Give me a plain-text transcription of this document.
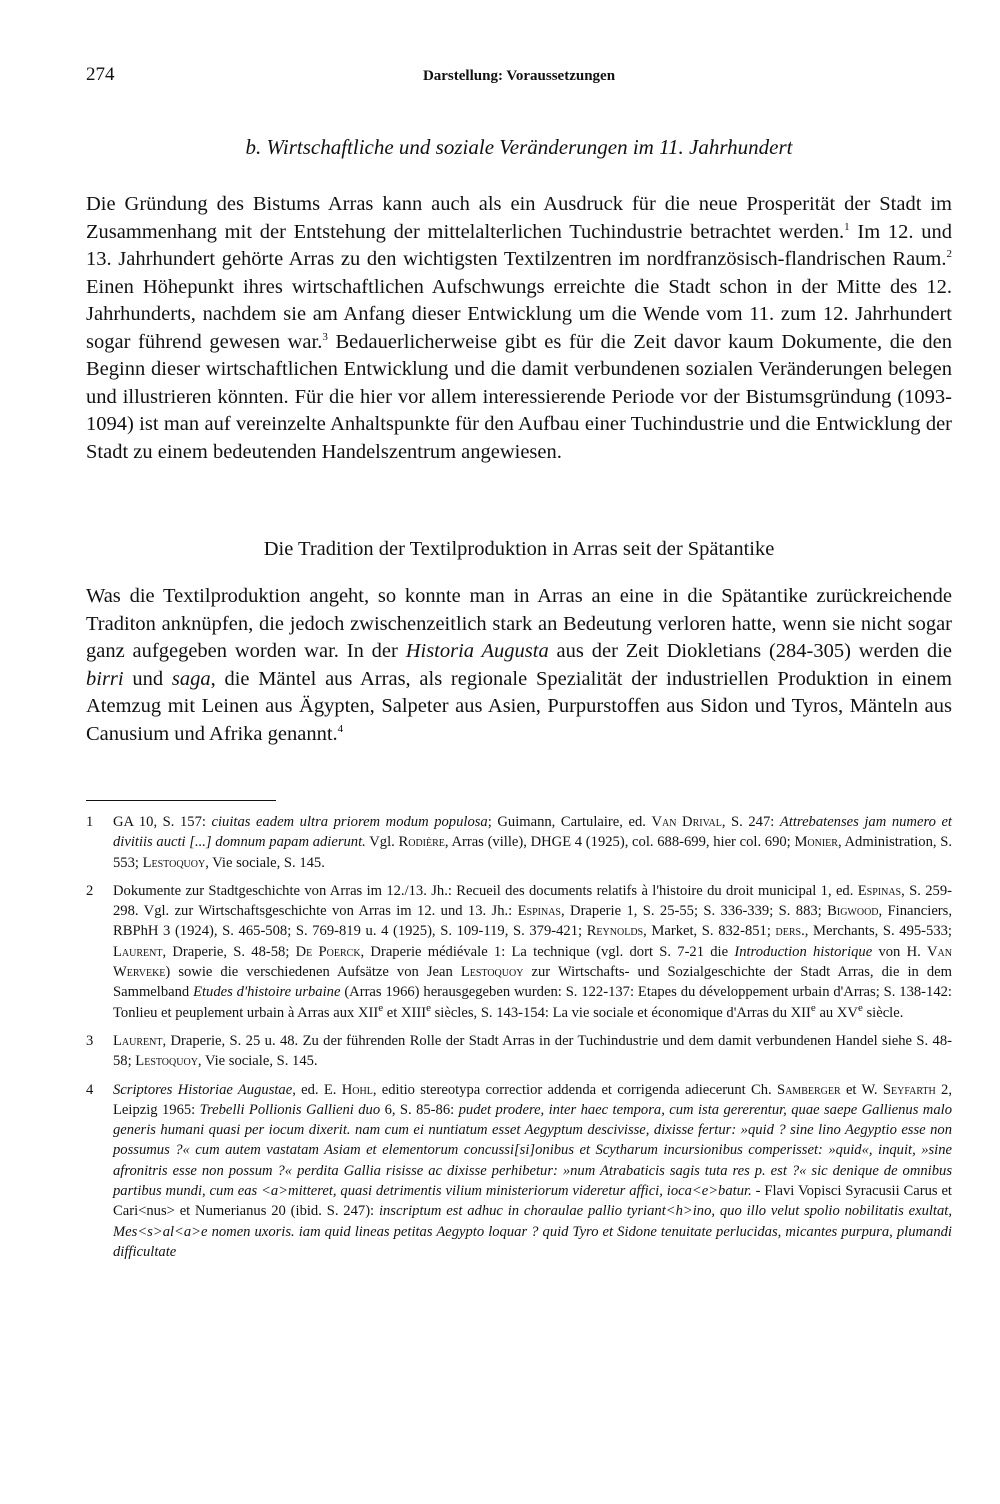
274	Darstellung: Voraussetzungen
b. Wirtschaftliche und soziale Veränderungen im 11. Jahrhundert

Die Gründung des Bistums Arras kann auch als ein Ausdruck für die neue Prosperität der Stadt im Zusammenhang mit der Entstehung der mittelalterlichen Tuchindustrie betrachtet werden.$^1$ Im 12. und 13. Jahrhundert gehörte Arras zu den wichtigsten Textilzentren im nordfranzösisch-flandrischen Raum.$^2$ Einen Höhepunkt ihres wirtschaftlichen Aufschwungs erreichte die Stadt schon in der Mitte des 12. Jahrhunderts, nachdem sie am Anfang dieser Entwicklung um die Wende vom 11. zum 12. Jahrhundert sogar führend gewesen war.$^3$ Bedauerlicherweise gibt es für die Zeit davor kaum Dokumente, die den Beginn dieser wirtschaftlichen Entwicklung und die damit verbundenen sozialen Veränderungen belegen und illustrieren könnten. Für die hier vor allem interessierende Periode vor der Bistumsgründung (1093-1094) ist man auf vereinzelte Anhaltspunkte für den Aufbau einer Tuchindustrie und die Entwicklung der Stadt zu einem bedeutenden Handelszentrum angewiesen.

Die Tradition der Textilproduktion in Arras seit der Spätantike

Was die Textilproduktion angeht, so konnte man in Arras an eine in die Spätantike zurückreichende Traditon anknüpfen, die jedoch zwischenzeitlich stark an Bedeutung verloren hatte, wenn sie nicht sogar ganz aufgegeben worden war. In der Historia Augusta aus der Zeit Diokletians (284-305) werden die birri und saga, die Mäntel aus Arras, als regionale Spezialität der industriellen Produktion in einem Atemzug mit Leinen aus Ägypten, Salpeter aus Asien, Purpurstoffen aus Sidon und Tyros, Mänteln aus Canusium und Afrika genannt.$^4$

1	GA 10, S. 157: ciuitas eadem ultra priorem modum populosa; Guimann, Cartulaire, ed. Van Drival, S. 247: Attrebatenses jam numero et divitiis aucti [...] domnum papam adierunt. Vgl. Rodière, Arras (ville), DHGE 4 (1925), col. 688-699, hier col. 690; Monier, Administration, S. 553; Lestoquoy, Vie sociale, S. 145.
2	Dokumente zur Stadtgeschichte von Arras im 12./13. Jh.: Recueil des documents relatifs à l'histoire du droit municipal 1, ed. Espinas, S. 259-298. Vgl. zur Wirtschaftsgeschichte von Arras im 12. und 13. Jh.: Espinas, Draperie 1, S. 25-55; S. 336-339; S. 883; Bigwood, Financiers, RBPhH 3 (1924), S. 465-508; S. 769-819 u. 4 (1925), S. 109-119, S. 379-421; Reynolds, Market, S. 832-851; ders., Merchants, S. 495-533; Laurent, Draperie, S. 48-58; De Poerck, Draperie médiévale 1: La technique (vgl. dort S. 7-21 die Introduction historique von H. Van Werveke) sowie die verschiedenen Aufsätze von Jean Lestoquoy zur Wirtschafts- und Sozialgeschichte der Stadt Arras, die in dem Sammelband Etudes d'histoire urbaine (Arras 1966) herausgegeben wurden: S. 122-137: Etapes du développement urbain d'Arras; S. 138-142: Tonlieu et peuplement urbain à Arras aux XIIe et XIIIe siècles, S. 143-154: La vie sociale et économique d'Arras du XIIe au XVe siècle.
3	Laurent, Draperie, S. 25 u. 48. Zu der führenden Rolle der Stadt Arras in der Tuchindustrie und dem damit verbundenen Handel siehe S. 48-58; Lestoquoy, Vie sociale, S. 145.
4	Scriptores Historiae Augustae, ed. E. Hohl, editio stereotypa correctior addenda et corrigenda adiecerunt Ch. Samberger et W. Seyfarth 2, Leipzig 1965: Trebelli Pollionis Gallieni duo 6, S. 85-86: pudet prodere, inter haec tempora, cum ista gererentur, quae saepe Gallienus malo generis humani quasi per iocum dixerit. nam cum ei nuntiatum esset Aegyptum descivisse, dixisse fertur: »quid ? sine lino Aegyptio esse non possumus ?« cum autem vastatam Asiam et elementorum concussi[si]onibus et Scytharum incursionibus comperisset: »quid«, inquit, »sine afronitris esse non possum ?« perdita Gallia risisse ac dixisse perhibetur: »num Atrabaticis sagis tuta res p. est ?« sic denique de omnibus partibus mundi, cum eas <a>mitteret, quasi detrimentis vilium ministeriorum videretur affici, ioca<e>batur. - Flavi Vopisci Syracusii Carus et Cari<nus> et Numerianus 20 (ibid. S. 247): inscriptum est adhuc in choraulae pallio tyriant<h>ino, quo illo velut spolio nobilitatis exultat, Mes<s>al<a>e nomen uxoris. iam quid lineas petitas Aegypto loquar ? quid Tyro et Sidone tenuitate perlucidas, micantes purpura, plumandi difficultate
